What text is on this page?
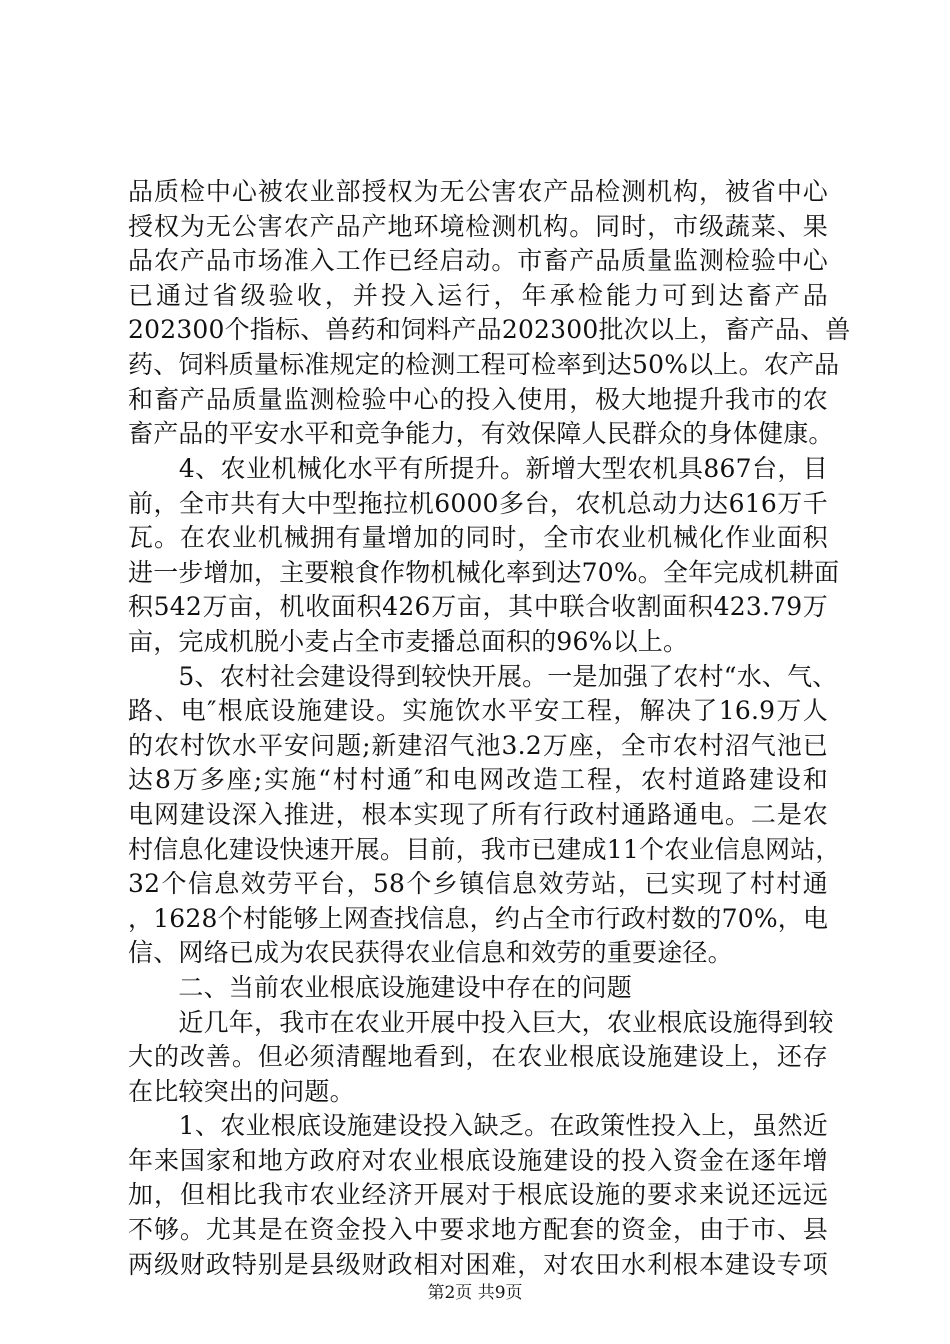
品质检中心被农业部授权为无公害农产品检测机构，被省中心
授权为无公害农产品产地环境检测机构。同时，市级蔬菜、果
品农产品市场准入工作已经启动。市畜产品质量监测检验中心
已通过省级验收，并投入运行，年承检能力可到达畜产品
202300个指标、兽药和饲料产品202300批次以上，畜产品、兽
药、饲料质量标准规定的检测工程可检率到达50%以上。农产品
和畜产品质量监测检验中心的投入使用，极大地提升我市的农
畜产品的平安水平和竞争能力，有效保障人民群众的身体健康。
　　4、农业机械化水平有所提升。新增大型农机具867台，目
前，全市共有大中型拖拉机6000多台，农机总动力达616万千
瓦。在农业机械拥有量增加的同时，全市农业机械化作业面积
进一步增加，主要粮食作物机械化率到达70%。全年完成机耕面
积542万亩，机收面积426万亩，其中联合收割面积423.79万
亩，完成机脱小麦占全市麦播总面积的96%以上。
　　5、农村社会建设得到较快开展。一是加强了农村“水、气、
路、电″根底设施建设。实施饮水平安工程，解决了16.9万人
的农村饮水平安问题;新建沼气池3.2万座，全市农村沼气池已
达8万多座;实施“村村通″和电网改造工程，农村道路建设和
电网建设深入推进，根本实现了所有行政村通路通电。二是农
村信息化建设快速开展。目前，我市已建成11个农业信息网站，
32个信息效劳平台，58个乡镇信息效劳站，已实现了村村通
，1628个村能够上网查找信息，约占全市行政村数的70%，电
信、网络已成为农民获得农业信息和效劳的重要途径。
　　二、当前农业根底设施建设中存在的问题
　　近几年，我市在农业开展中投入巨大，农业根底设施得到较
大的改善。但必须清醒地看到，在农业根底设施建设上，还存
在比较突出的问题。
　　1、农业根底设施建设投入缺乏。在政策性投入上，虽然近
年来国家和地方政府对农业根底设施建设的投入资金在逐年增
加，但相比我市农业经济开展对于根底设施的要求来说还远远
不够。尤其是在资金投入中要求地方配套的资金，由于市、县
两级财政特别是县级财政相对困难，对农田水利根本建设专项
第2页 共9页
